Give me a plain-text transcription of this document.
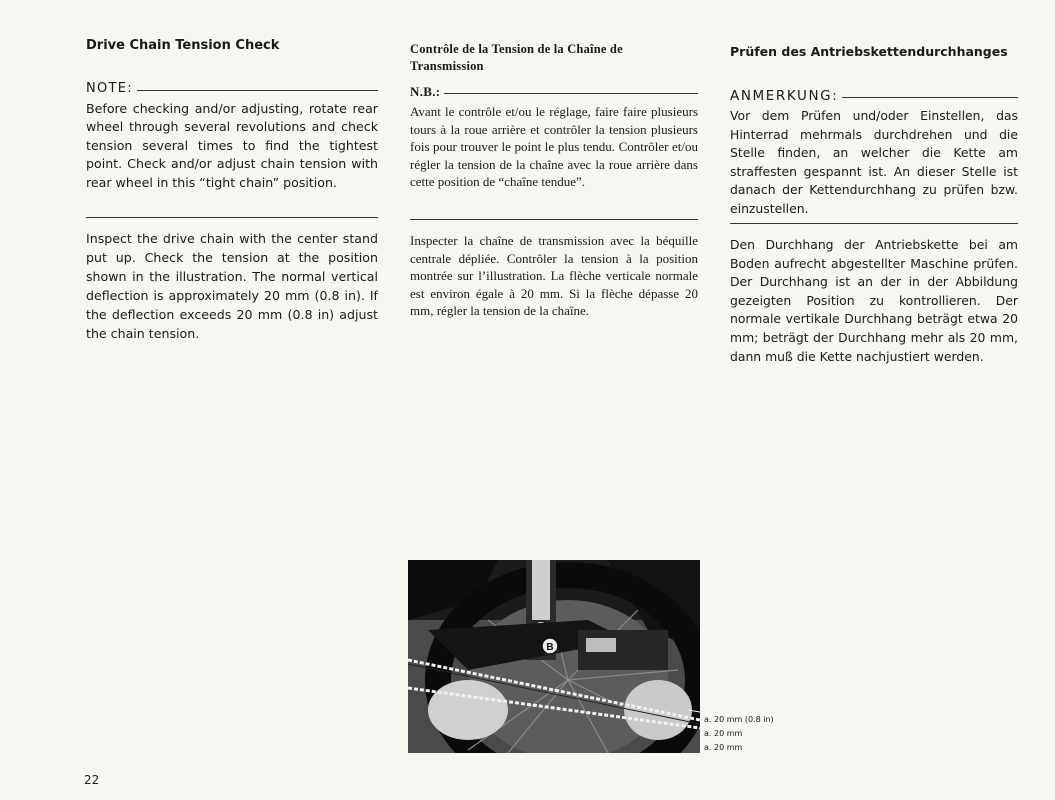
Drive Chain Tension Check
NOTE:
Before checking and/or adjusting, rotate rear wheel through several revolutions and check tension several times to find the tightest point. Check and/or adjust chain tension with rear wheel in this “tight chain” position.
Inspect the drive chain with the center stand put up. Check the tension at the position shown in the illustration. The normal vertical deflection is approximately 20 mm (0.8 in). If the deflection exceeds 20 mm (0.8 in) adjust the chain tension.
Contrôle de la Tension de la Chaîne de Transmission
N.B.:
Avant le contrôle et/ou le réglage, faire faire plusieurs tours à la roue arrière et contrôler la tension plusieurs fois pour trouver le point le plus tendu. Contrôler et/ou régler la tension de la chaîne avec la roue arrière dans cette position de “chaîne tendue”.
Inspecter la chaîne de transmission avec la béquille centrale dépliée. Contrôler la tension à la position montrée sur l’illustration. La flèche verticale normale est environ égale à 20 mm. Si la flèche dépasse 20 mm, régler la tension de la chaîne.
Prüfen des Antriebskettendurchhanges
ANMERKUNG:
Vor dem Prüfen und/oder Einstellen, das Hinterrad mehrmals durchdrehen und die Stelle finden, an welcher die Kette am straffesten gespannt ist. An dieser Stelle ist danach der Kettendurchhang zu prüfen bzw. einzustellen.
Den Durchhang der Antriebskette bei am Boden aufrecht abgestellter Maschine prüfen. Der Durchhang ist an der in der Abbildung gezeigten Position zu kontrollieren. Der normale vertikale Durchhang beträgt etwa 20 mm; beträgt der Durchhang mehr als 20 mm, dann muß die Kette nachjustiert werden.
B
a. 20 mm (0.8 in)
a. 20 mm
a. 20 mm
22
